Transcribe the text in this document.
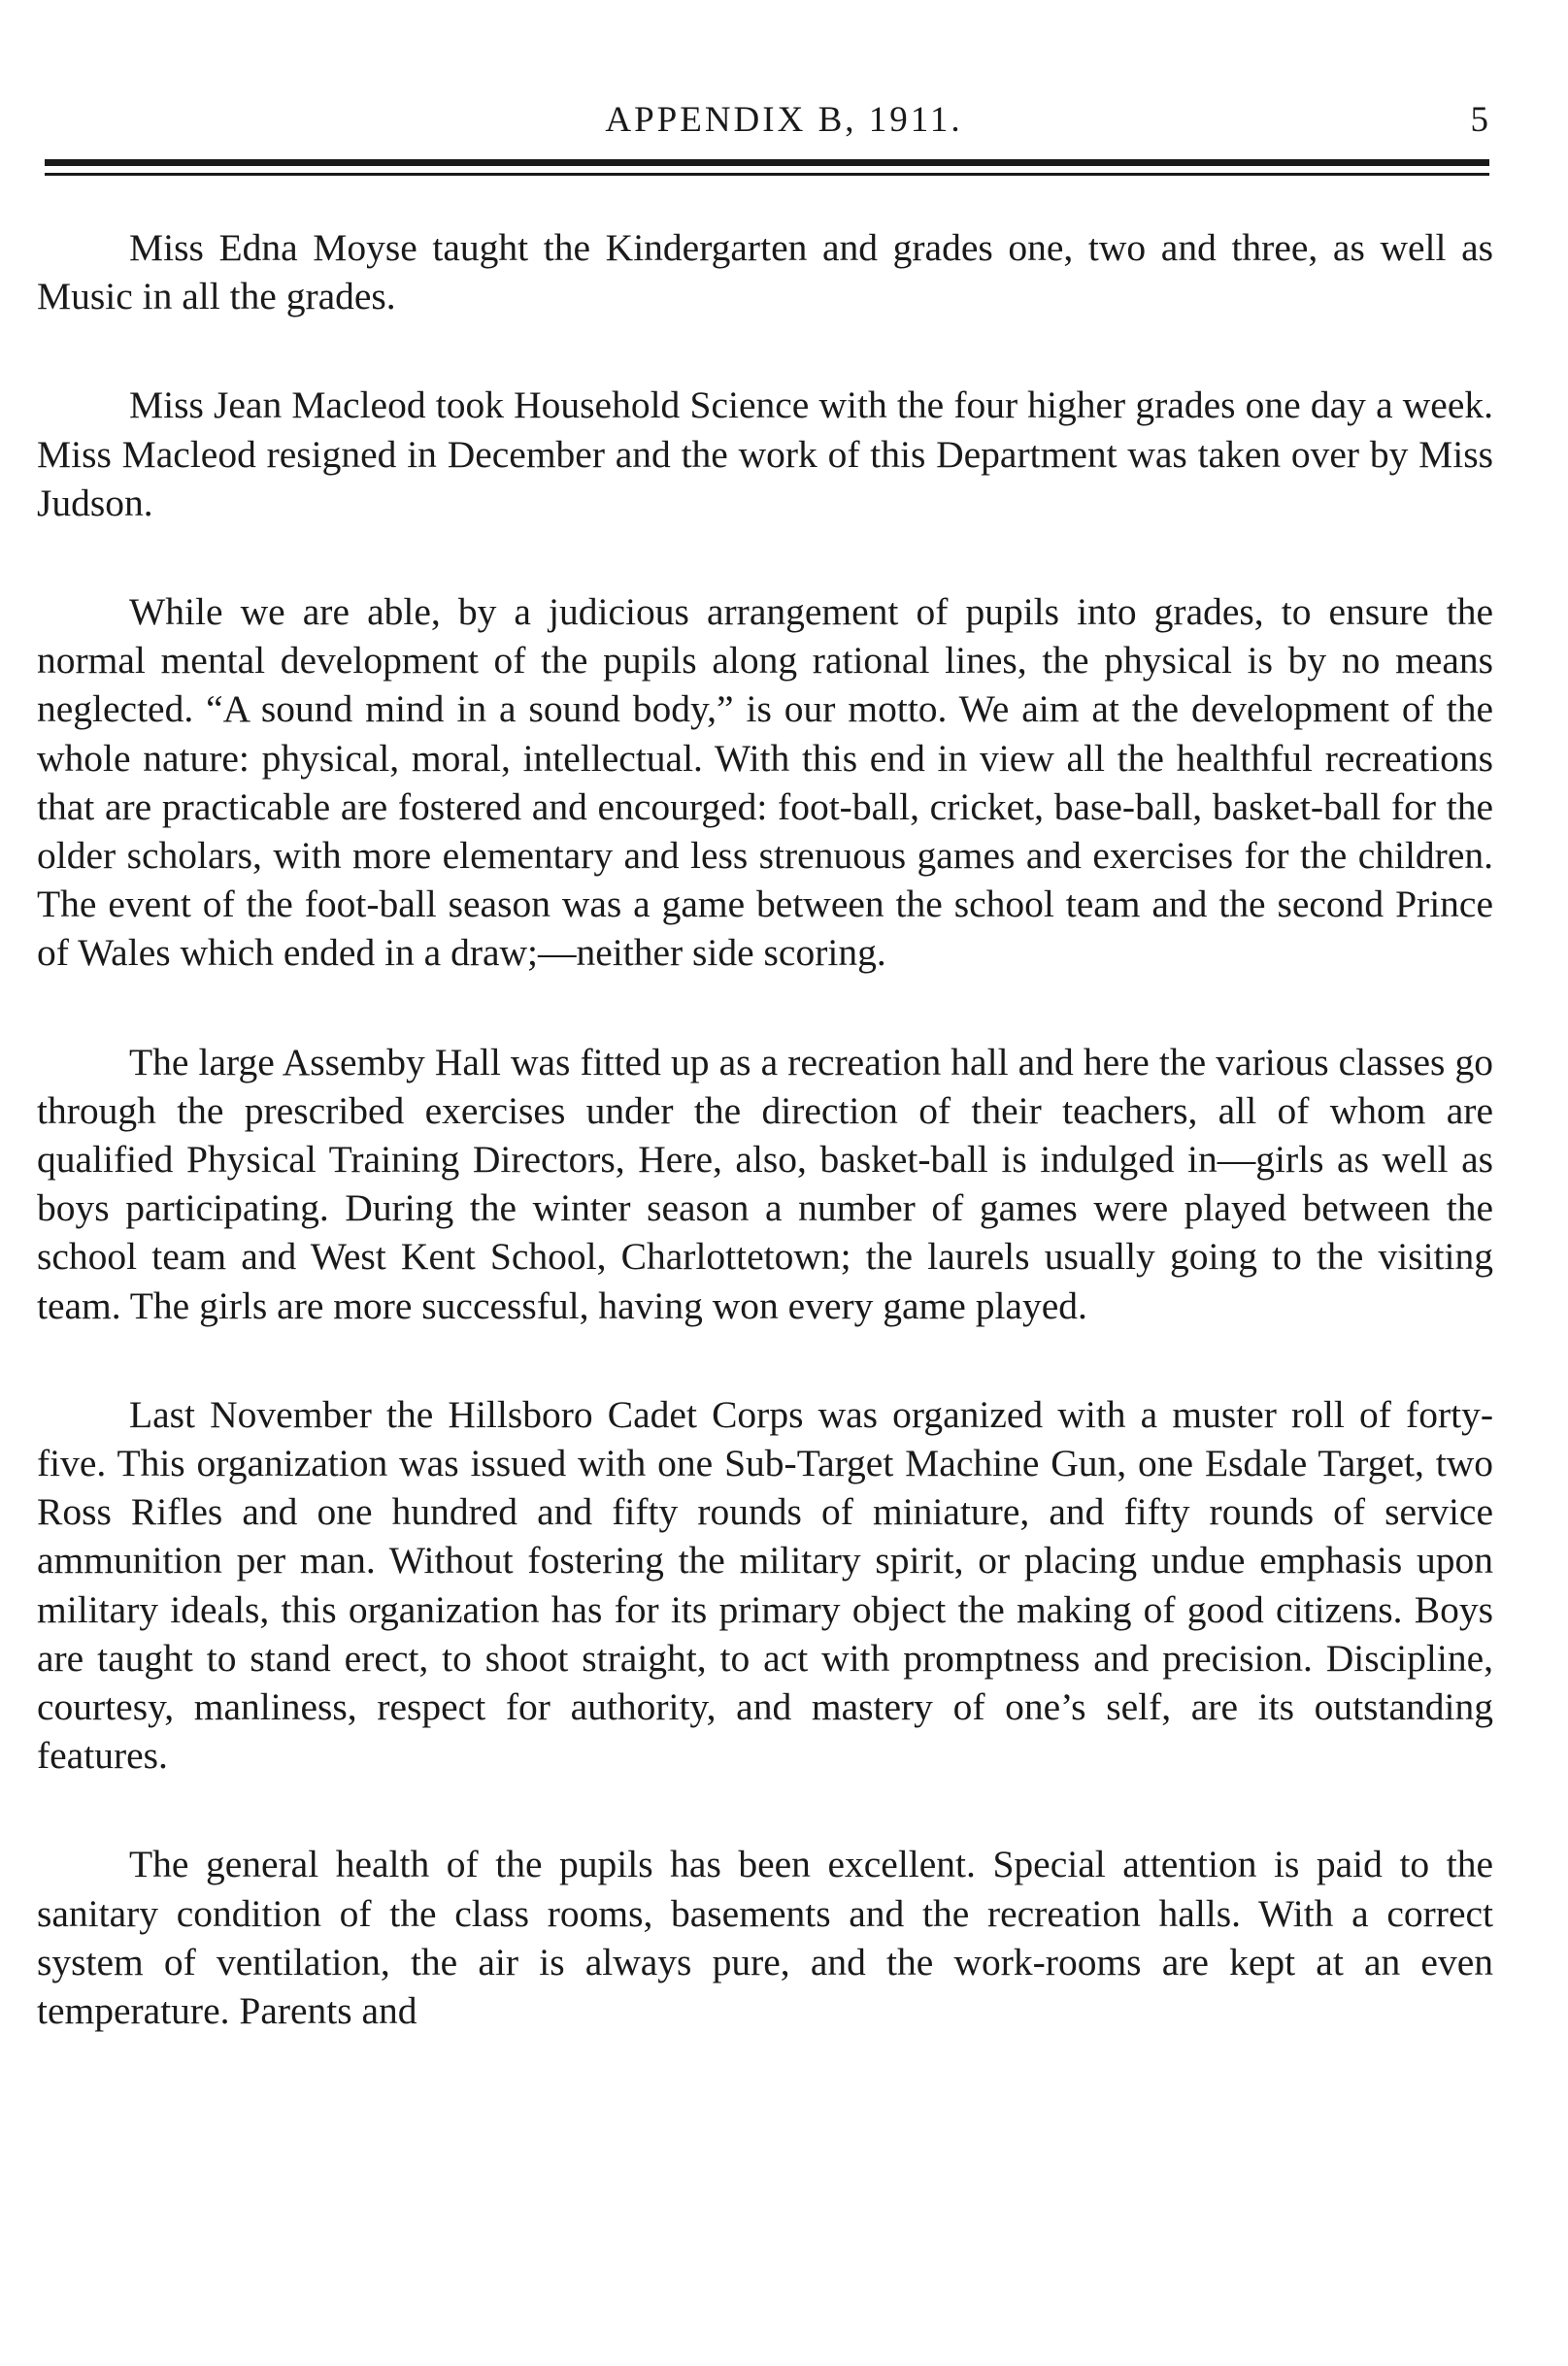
APPENDIX B, 1911.	5

Miss Edna Moyse taught the Kindergarten and grades one, two and three, as well as Music in all the grades.

Miss Jean Macleod took Household Science with the four higher grades one day a week. Miss Macleod resigned in December and the work of this Department was taken over by Miss Judson.

While we are able, by a judicious arrangement of pupils into grades, to ensure the normal mental development of the pupils along rational lines, the physical is by no means neglected. “A sound mind in a sound body,” is our motto. We aim at the development of the whole nature: physical, moral, intellectual. With this end in view all the healthful recreations that are practicable are fostered and encourged: foot-ball, cricket, base-ball, basket-ball for the older scholars, with more elementary and less strenuous games and exercises for the children. The event of the foot-ball season was a game between the school team and the second Prince of Wales which ended in a draw;—neither side scoring.

The large Assemby Hall was fitted up as a recreation hall and here the various classes go through the prescribed exercises under the direction of their teachers, all of whom are qualified Physical Training Directors, Here, also, basket-ball is indulged in—girls as well as boys participating. During the winter season a number of games were played between the school team and West Kent School, Charlottetown; the laurels usually going to the visiting team. The girls are more successful, having won every game played.

Last November the Hillsboro Cadet Corps was organized with a muster roll of forty-five. This organization was issued with one Sub-Target Machine Gun, one Esdale Target, two Ross Rifles and one hundred and fifty rounds of miniature, and fifty rounds of service ammunition per man. Without fostering the military spirit, or placing undue emphasis upon military ideals, this organization has for its primary object the making of good citizens. Boys are taught to stand erect, to shoot straight, to act with promptness and precision. Discipline, courtesy, manliness, respect for authority, and mastery of one’s self, are its outstanding features.

The general health of the pupils has been excellent. Special attention is paid to the sanitary condition of the class rooms, basements and the recreation halls. With a correct system of ventilation, the air is always pure, and the work-rooms are kept at an even temperature. Parents and
